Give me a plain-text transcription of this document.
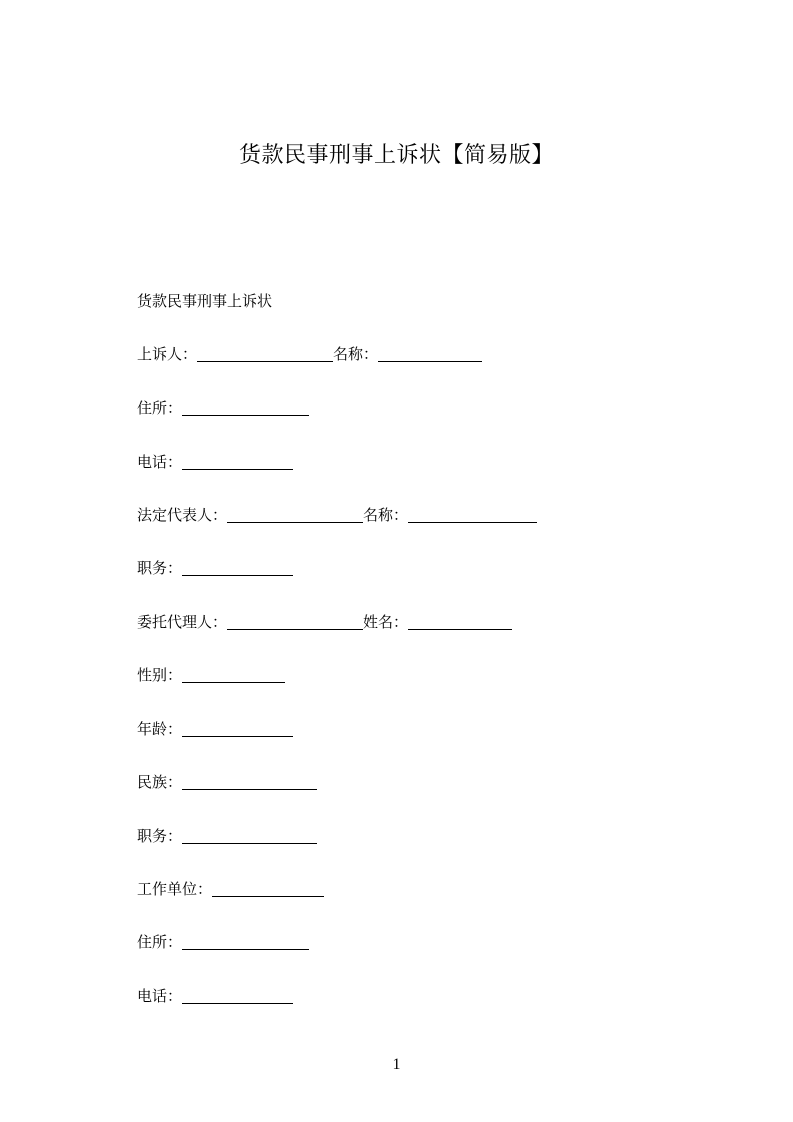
货款民事刑事上诉状【简易版】

货款民事刑事上诉状

上诉人：	名称：
住所：
电话：
法定代表人：	名称：
职务：
委托代理人：	姓名：
性别：
年龄：
民族：
职务：
工作单位：
住所：
电话：
1
